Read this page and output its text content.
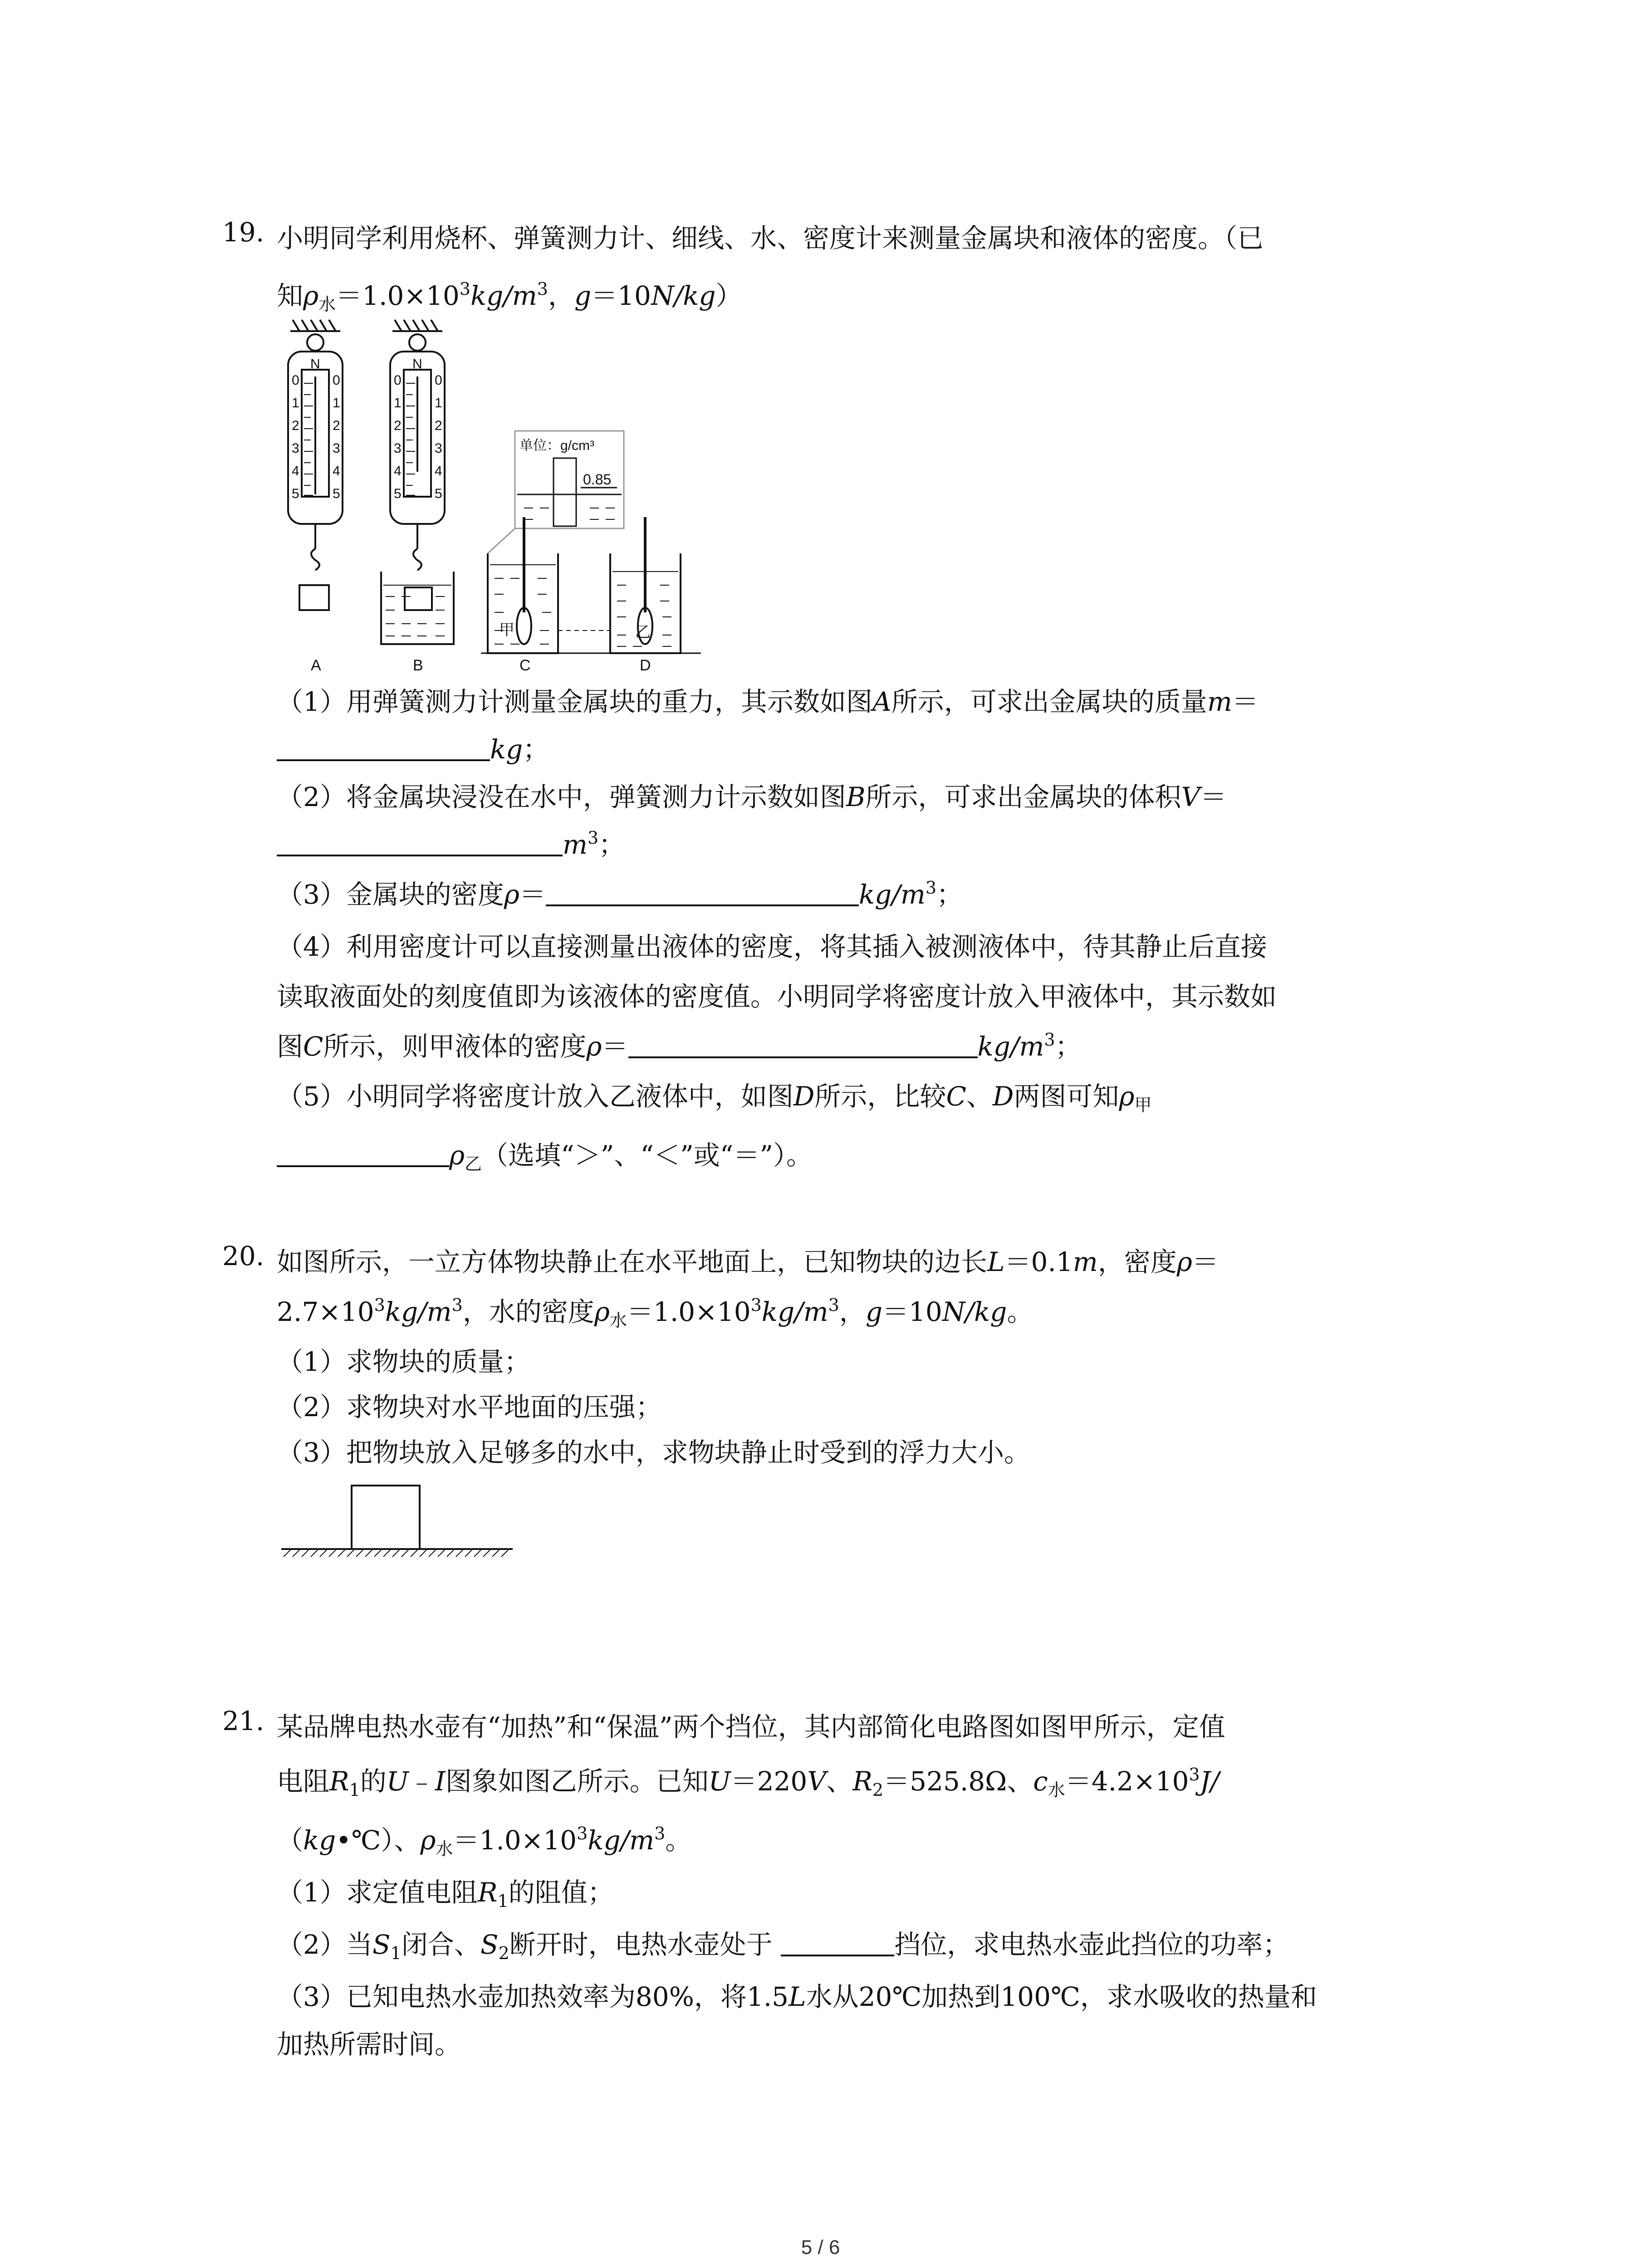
19. 小明同学利用烧杯、弹簧测力计、细线、水、密度计来测量金属块和液体的密度。（已
知$\rho_水=1.0\times 10^3kg/m^3$，g＝10N/kg）
N
0 0
1 1
2 2
3 3
4 4
5 5
N
0 0
1 1
2 2
3 3
4 4
5 5
单位：g/cm³
0.85
甲	乙
A	B	C	D
（1）用弹簧测力计测量金属块的重力，其示数如图A所示，可求出金属块的质量m＝
kg；
（2）将金属块浸没在水中，弹簧测力计示数如图B所示，可求出金属块的体积V＝
$m^3$；
（3）金属块的密度ρ＝	$kg/m^3$；
（4）利用密度计可以直接测量出液体的密度，将其插入被测液体中，待其静止后直接
读取液面处的刻度值即为该液体的密度值。小明同学将密度计放入甲液体中，其示数如
图C所示，则甲液体的密度ρ＝	$kg/m^3$；
（5）小明同学将密度计放入乙液体中，如图D所示，比较C、D两图可知$\rho_甲$
$\rho_乙$（选填“＞”、“＜”或“＝”）。
20. 如图所示，一立方体物块静止在水平地面上，已知物块的边长L＝0.1m，密度ρ＝
$2.7\times 10^3kg/m^3$，水的密度$\rho_水=1.0\times 10^3kg/m^3$，g＝10N/kg。
（1）求物块的质量；
（2）求物块对水平地面的压强；
（3）把物块放入足够多的水中，求物块静止时受到的浮力大小。
21. 某品牌电热水壶有“加热”和“保温”两个挡位，其内部简化电路图如图甲所示，定值
电阻$R_1$的U﹣I图象如图乙所示。已知U＝220V、$R_2=525.8\Omega$、$c_水=4.2\times 10^3J/$
（kg•℃）、$\rho_水=1.0\times 10^3kg/m^3$。
（1）求定值电阻$R_1$的阻值；
（2）当$S_1$闭合、$S_2$断开时，电热水壶处于	挡位，求电热水壶此挡位的功率；
（3）已知电热水壶加热效率为80%，将1.5L水从20℃加热到100℃，求水吸收的热量和
加热所需时间。
5 / 6
